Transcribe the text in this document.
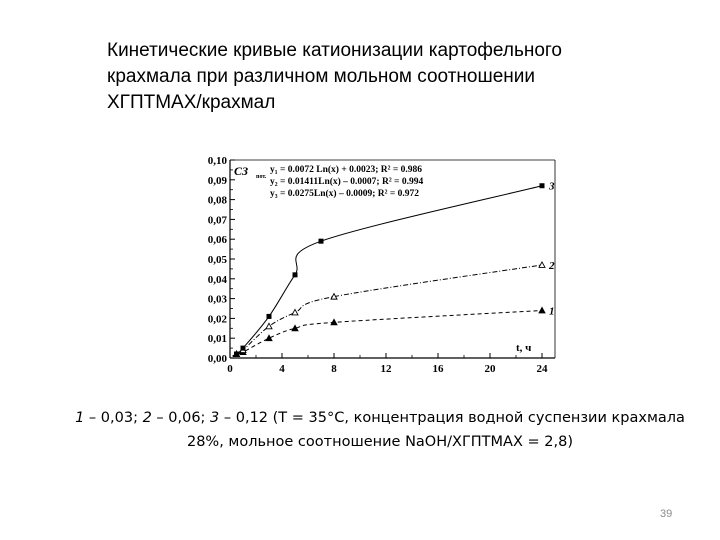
Кинетические кривые катионизации картофельного
крахмала при различном мольном соотношении
ХГПТМАХ/крахмал
0,00
0,01
0,02
0,03
0,04
0,05
0,06
0,07
0,08
0,09
0,10
0	4	8	12	16	20	24
СЗ пот.
t, ч
y₁ = 0.0072 Ln(x) + 0.0023; R² = 0.986
y₂ = 0.01411Ln(x) – 0.0007; R² = 0.994
y₃ = 0.0275Ln(x) – 0.0009; R² = 0.972
1
2
3
1 – 0,03; 2 – 0,06; 3 – 0,12 (T = 35°C, концентрация водной суспензии крахмала
28%, мольное соотношение NaOH/ХГПТМАХ = 2,8)
39
